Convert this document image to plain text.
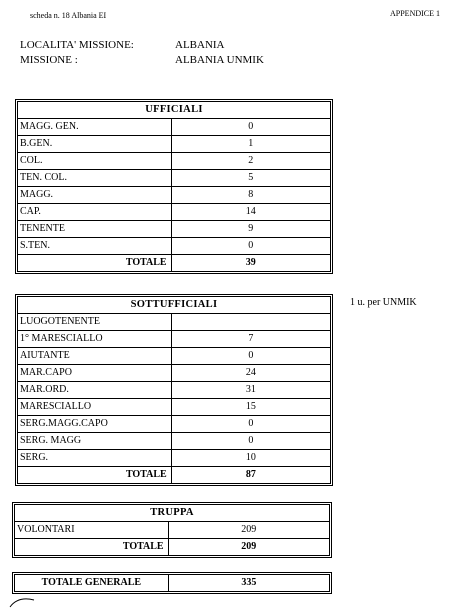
scheda n. 18 Albania EI	APPENDICE 1
LOCALITA' MISSIONE:	ALBANIA
MISSIONE :	ALBANIA UNMIK
UFFICIALI	
MAGG. GEN.	0
B.GEN.	1
COL.	2
TEN. COL.	5
MAGG.	8
CAP.	14
TENENTE	9
S.TEN.	0
TOTALE	39
SOTTUFFICIALI	
LUOGOTENENTE	
1° MARESCIALLO	7
AIUTANTE	0
MAR.CAPO	24
MAR.ORD.	31
MARESCIALLO	15
SERG.MAGG.CAPO	0
SERG. MAGG	0
SERG.	10
TOTALE	87
1 u. per UNMIK
TRUPPA	
VOLONTARI	209
TOTALE	209
TOTALE GENERALE	335
